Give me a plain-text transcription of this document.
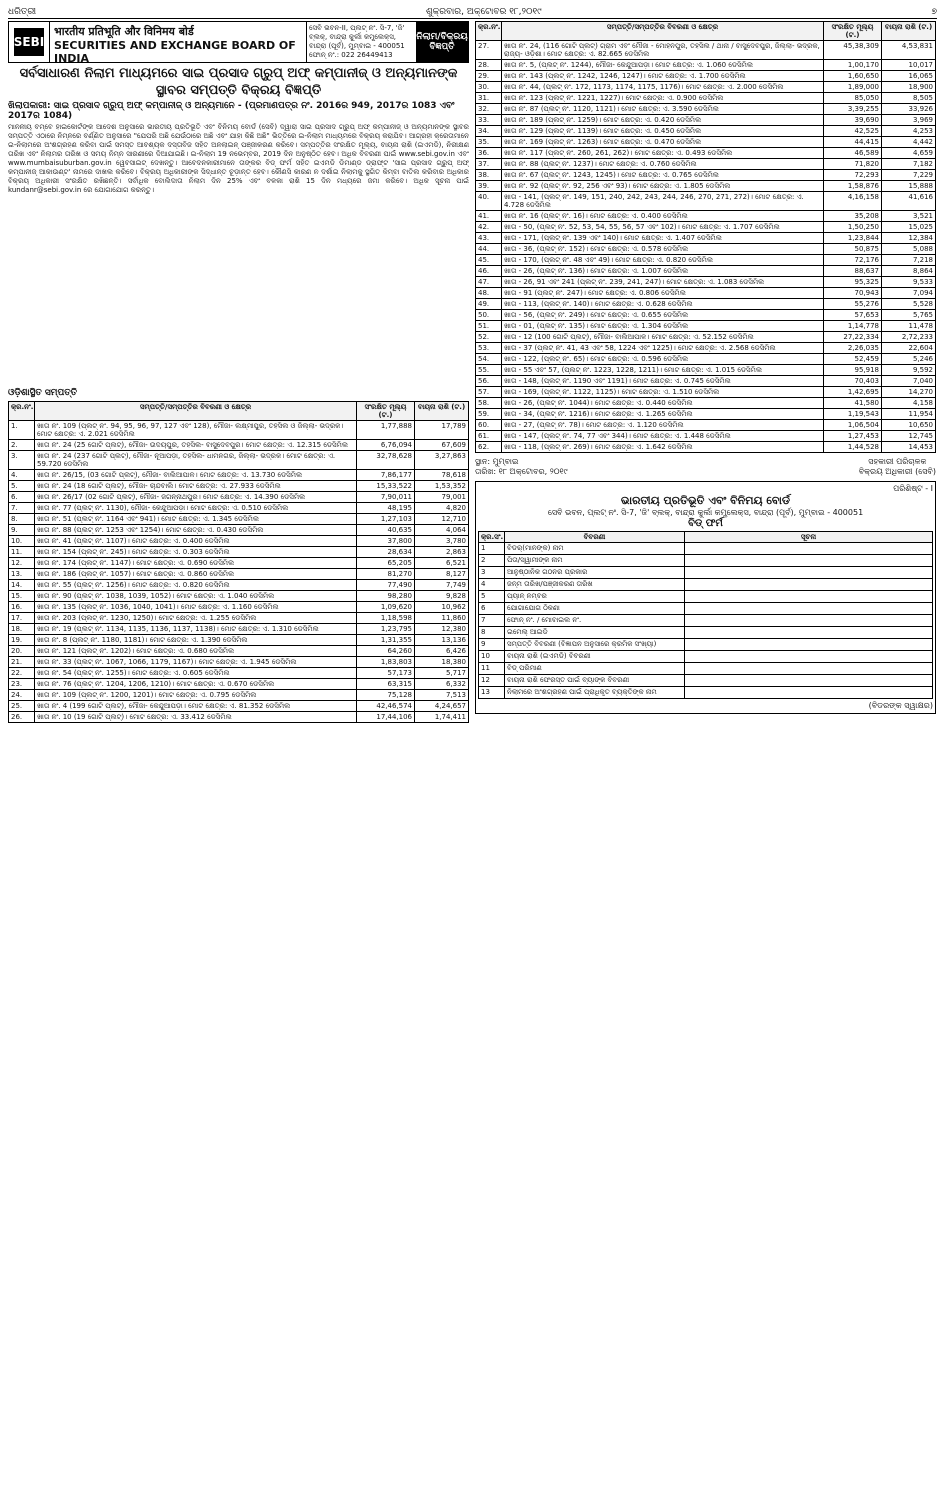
ଧରିତ୍ରୀ	ଶୁକ୍ରବାର, ଅକ୍ଟୋବର ୧୮,୨୦୧୯	୭
SEBI
भारतीय प्रतिभूति और विनिमय बोर्ड
SECURITIES AND EXCHANGE BOARD OF INDIA
ସେବି ଭବନ-II, ପ୍ଲଟ୍ ନଂ. ସି-7, 'ଜି' ବ୍ଲକ୍, ବାନ୍ଦ୍ରା କୁର୍ଲା କମ୍ପ୍ଲେକ୍ସ, ବାନ୍ଦ୍ରା (ପୂର୍ବ), ମୁମ୍ବାଇ - 400051 ଫୋନ୍ ନଂ.: 022 26449413
ନିଲାମ/ବିକ୍ରୟ ବିଜ୍ଞପ୍ତି
ସର୍ବସାଧାରଣ ନିଲାମ ମାଧ୍ୟମରେ ସାଇ ପ୍ରସାଦ ଗ୍ରୁପ୍ ଅଫ୍ କମ୍ପାନୀଜ୍ ଓ ଅନ୍ୟମାନଙ୍କ
ସ୍ଥାବର ସମ୍ପତ୍ତି ବିକ୍ରୟ ବିଜ୍ଞପ୍ତି
ଖିଲାପକାରୀ: ସାଇ ପ୍ରସାଦ ଗ୍ରୁପ୍ ଅଫ୍ କମ୍ପାନୀଜ୍ ଓ ଅନ୍ୟମାନେ - (ପ୍ରମାଣପତ୍ର ନଂ. 2016ର 949, 2017ର 1083 ଏବଂ 2017ର 1084)
ମାନନୀୟ ବମ୍ବେ ହାଇକୋର୍ଟଙ୍କ ଆଦେଶ ଅନୁସାରେ ଭାରତୀୟ ପ୍ରତିଭୂତି ଏବଂ ବିନିମୟ ବୋର୍ଡ (ସେବି) ଦ୍ୱାରା ସାଇ ପ୍ରସାଦ ଗ୍ରୁପ୍ ଅଫ୍ କମ୍ପାନୀଜ୍ ଓ ଅନ୍ୟମାନଙ୍କ ସ୍ଥାବର ସମ୍ପତ୍ତି ଏଠାରେ ନିମ୍ନରେ ବର୍ଣ୍ଣିତ ଅନୁସାରେ "ଯେପରି ଅଛି ଯେଉଁଠାରେ ଅଛି ଏବଂ ଯାହା କିଛି ଅଛି" ଭିତ୍ତିରେ ଇ-ନିଲାମ ମାଧ୍ୟମରେ ବିକ୍ରୟ କରାଯିବ। ଆଗ୍ରହୀ କ୍ରେତାମାନେ ଇ-ନିଲାମରେ ଅଂଶଗ୍ରହଣ କରିବା ପାଇଁ ସମସ୍ତ ଆବଶ୍ୟକ ଦସ୍ତାବିଜ ସହିତ ଅନଲାଇନ୍ ପଞ୍ଜୀକରଣ କରିବେ। ସମ୍ପତ୍ତିର ସଂରକ୍ଷିତ ମୂଲ୍ୟ, ବାୟନା ରାଶି (ଇଏମଡି), ନିରୀକ୍ଷଣ ତାରିଖ ଏବଂ ନିଲାମର ତାରିଖ ଓ ସମୟ ନିମ୍ନ ସାରଣୀରେ ଦିଆଯାଇଛି। ଇ-ନିଲାମ 19 ନଭେମ୍ବର, 2019 ଦିନ ଅନୁଷ୍ଠିତ ହେବ। ଅଧିକ ବିବରଣୀ ପାଇଁ www.sebi.gov.in ଏବଂ www.mumbaisuburban.gov.in ୱେବସାଇଟ୍ ଦେଖନ୍ତୁ। ଆବେଦନକାରୀମାନେ ତାଙ୍କର ବିଡ୍ ଫର୍ମ ସହିତ ଇଏମଡି ଡିମାଣ୍ଡ ଡ୍ରାଫ୍ଟ 'ସାଇ ପ୍ରସାଦ ଗ୍ରୁପ୍ ଅଫ୍ କମ୍ପାନୀଜ୍ ଆକାଉଣ୍ଟ' ନାମରେ ଦାଖଲ କରିବେ। ବିକ୍ରୟ ଅଧିକାରୀଙ୍କ ସିଦ୍ଧାନ୍ତ ଚୂଡ଼ାନ୍ତ ହେବ। କୌଣସି କାରଣ ନ ଦର୍ଶାଇ ନିଲାମକୁ ସ୍ଥଗିତ କିମ୍ବା ବାତିଲ କରିବାର ଅଧିକାର ବିକ୍ରୟ ଅଧିକାରୀ ସଂରକ୍ଷିତ ରଖିଛନ୍ତି। ସର୍ବାଧିକ ବୋଲିଦାତା ନିଲାମ ଦିନ 25% ଏବଂ ବଳକା ରାଶି 15 ଦିନ ମଧ୍ୟରେ ଜମା କରିବେ। ଅଧିକ ସୂଚନା ପାଇଁ kundanr@sebi.gov.in ରେ ଯୋଗାଯୋଗ କରନ୍ତୁ।
ଓଡ଼ିଶାସ୍ଥିତ ସମ୍ପତ୍ତି
କ୍ର.ନଂ.	ସମ୍ପତ୍ତି/ସମ୍ପତ୍ତିର ବିବରଣୀ ଓ କ୍ଷେତ୍ର	ସଂରକ୍ଷିତ ମୂଲ୍ୟ (ଟ.)	ବାୟନା ରାଶି (ଟ.)
1.	ଖାତା ନଂ. 109 (ପ୍ଲଟ୍ ନଂ. 94, 95, 96, 97, 127 ଏବଂ 128), ମୌଜା- ଲକ୍ଷ୍ମୀପୁର, ତହସିଲ ଓ ଜିଲ୍ଲା- ଭଦ୍ରକ। ମୋଟ କ୍ଷେତ୍ର: ଏ. 2.021 ଡେସିମିଲ	1,77,888	17,789
2.	ଖାତା ନଂ. 24 (25 ଗୋଟି ପ୍ଲଟ୍), ମୌଜା- ଉଦୟପୁର, ତହସିଲ- ବାସୁଦେବପୁର। ମୋଟ କ୍ଷେତ୍ର: ଏ. 12.315 ଡେସିମିଲ	6,76,094	67,609
3.	ଖାତା ନଂ. 24 (237 ଗୋଟି ପ୍ଲଟ୍), ମୌଜା- ନୂଆପଡ଼ା, ତହସିଲ- ଧାମନଗର, ଜିଲ୍ଲା- ଭଦ୍ରକ। ମୋଟ କ୍ଷେତ୍ର: ଏ. 59.720 ଡେସିମିଲ	32,78,628	3,27,863
4.	ଖାତା ନଂ. 26/15, (03 ଗୋଟି ପ୍ଲଟ୍), ମୌଜା- ବାଲିଆପାଳ। ମୋଟ କ୍ଷେତ୍ର: ଏ. 13.730 ଡେସିମିଲ	7,86,177	78,618
5.	ଖାତା ନଂ. 24 (18 ଗୋଟି ପ୍ଲଟ୍), ମୌଜା- ଚାନ୍ଦବାଲି। ମୋଟ କ୍ଷେତ୍ର: ଏ. 27.933 ଡେସିମିଲ	15,33,522	1,53,352
6.	ଖାତା ନଂ. 26/17 (02 ଗୋଟି ପ୍ଲଟ୍), ମୌଜା- ଜଗନ୍ନାଥପୁର। ମୋଟ କ୍ଷେତ୍ର: ଏ. 14.390 ଡେସିମିଲ	7,90,011	79,001
7.	ଖାତା ନଂ. 77 (ପ୍ଲଟ୍ ନଂ. 1130), ମୌଜା- କେନ୍ଦୁଆପଡ଼ା। ମୋଟ କ୍ଷେତ୍ର: ଏ. 0.510 ଡେସିମିଲ	48,195	4,820
8.	ଖାତା ନଂ. 51 (ପ୍ଲଟ୍ ନଂ. 1164 ଏବଂ 941)। ମୋଟ କ୍ଷେତ୍ର: ଏ. 1.345 ଡେସିମିଲ	1,27,103	12,710
9.	ଖାତା ନଂ. 88 (ପ୍ଲଟ୍ ନଂ. 1253 ଏବଂ 1254)। ମୋଟ କ୍ଷେତ୍ର: ଏ. 0.430 ଡେସିମିଲ	40,635	4,064
10.	ଖାତା ନଂ. 41 (ପ୍ଲଟ୍ ନଂ. 1107)। ମୋଟ କ୍ଷେତ୍ର: ଏ. 0.400 ଡେସିମିଲ	37,800	3,780
11.	ଖାତା ନଂ. 154 (ପ୍ଲଟ୍ ନଂ. 245)। ମୋଟ କ୍ଷେତ୍ର: ଏ. 0.303 ଡେସିମିଲ	28,634	2,863
12.	ଖାତା ନଂ. 174 (ପ୍ଲଟ୍ ନଂ. 1147)। ମୋଟ କ୍ଷେତ୍ର: ଏ. 0.690 ଡେସିମିଲ	65,205	6,521
13.	ଖାତା ନଂ. 186 (ପ୍ଲଟ୍ ନଂ. 1057)। ମୋଟ କ୍ଷେତ୍ର: ଏ. 0.860 ଡେସିମିଲ	81,270	8,127
14.	ଖାତା ନଂ. 55 (ପ୍ଲଟ୍ ନଂ. 1256)। ମୋଟ କ୍ଷେତ୍ର: ଏ. 0.820 ଡେସିମିଲ	77,490	7,749
15.	ଖାତା ନଂ. 90 (ପ୍ଲଟ୍ ନଂ. 1038, 1039, 1052)। ମୋଟ କ୍ଷେତ୍ର: ଏ. 1.040 ଡେସିମିଲ	98,280	9,828
16.	ଖାତା ନଂ. 135 (ପ୍ଲଟ୍ ନଂ. 1036, 1040, 1041)। ମୋଟ କ୍ଷେତ୍ର: ଏ. 1.160 ଡେସିମିଲ	1,09,620	10,962
17.	ଖାତା ନଂ. 203 (ପ୍ଲଟ୍ ନଂ. 1230, 1250)। ମୋଟ କ୍ଷେତ୍ର: ଏ. 1.255 ଡେସିମିଲ	1,18,598	11,860
18.	ଖାତା ନଂ. 19 (ପ୍ଲଟ୍ ନଂ. 1134, 1135, 1136, 1137, 1138)। ମୋଟ କ୍ଷେତ୍ର: ଏ. 1.310 ଡେସିମିଲ	1,23,795	12,380
19.	ଖାତା ନଂ. 8 (ପ୍ଲଟ୍ ନଂ. 1180, 1181)। ମୋଟ କ୍ଷେତ୍ର: ଏ. 1.390 ଡେସିମିଲ	1,31,355	13,136
20.	ଖାତା ନଂ. 121 (ପ୍ଲଟ୍ ନଂ. 1202)। ମୋଟ କ୍ଷେତ୍ର: ଏ. 0.680 ଡେସିମିଲ	64,260	6,426
21.	ଖାତା ନଂ. 33 (ପ୍ଲଟ୍ ନଂ. 1067, 1066, 1179, 1167)। ମୋଟ କ୍ଷେତ୍ର: ଏ. 1.945 ଡେସିମିଲ	1,83,803	18,380
22.	ଖାତା ନଂ. 54 (ପ୍ଲଟ୍ ନଂ. 1255)। ମୋଟ କ୍ଷେତ୍ର: ଏ. 0.605 ଡେସିମିଲ	57,173	5,717
23.	ଖାତା ନଂ. 76 (ପ୍ଲଟ୍ ନଂ. 1204, 1206, 1210)। ମୋଟ କ୍ଷେତ୍ର: ଏ. 0.670 ଡେସିମିଲ	63,315	6,332
24.	ଖାତା ନଂ. 109 (ପ୍ଲଟ୍ ନଂ. 1200, 1201)। ମୋଟ କ୍ଷେତ୍ର: ଏ. 0.795 ଡେସିମିଲ	75,128	7,513
25.	ଖାତା ନଂ. 4 (199 ଗୋଟି ପ୍ଲଟ୍), ମୌଜା- କେନ୍ଦୁଆପଡ଼ା। ମୋଟ କ୍ଷେତ୍ର: ଏ. 81.352 ଡେସିମିଲ	42,46,574	4,24,657
26.	ଖାତା ନଂ. 10 (19 ଗୋଟି ପ୍ଲଟ୍)। ମୋଟ କ୍ଷେତ୍ର: ଏ. 33.412 ଡେସିମିଲ	17,44,106	1,74,411
କ୍ର.ନଂ.	ସମ୍ପତ୍ତି/ସମ୍ପତ୍ତିର ବିବରଣୀ ଓ କ୍ଷେତ୍ର	ସଂରକ୍ଷିତ ମୂଲ୍ୟ (ଟ.)	ବାୟନା ରାଶି (ଟ.)
27.	ଖାତା ନଂ. 24, (116 ଗୋଟି ପ୍ଲଟ୍) ଗ୍ରାମ ଏବଂ ମୌଜା - ମୋହନପୁର, ତହସିଲ / ଥାନା / ବାସୁଦେବପୁର, ଜିଲ୍ଲା- ଭଦ୍ରକ, ରାଜ୍ୟ- ଓଡ଼ିଶା। ମୋଟ କ୍ଷେତ୍ର: ଏ. 82.665 ଡେସିମିଲ	45,38,309	4,53,831
28.	ଖାତା ନଂ. 5, (ପ୍ଲଟ୍ ନଂ. 1244), ମୌଜା- କେନ୍ଦୁଆପଡ଼ା। ମୋଟ କ୍ଷେତ୍ର: ଏ. 1.060 ଡେସିମିଲ	1,00,170	10,017
29.	ଖାତା ନଂ. 143 (ପ୍ଲଟ୍ ନଂ. 1242, 1246, 1247)। ମୋଟ କ୍ଷେତ୍ର: ଏ. 1.700 ଡେସିମିଲ	1,60,650	16,065
30.	ଖାତା ନଂ. 44, (ପ୍ଲଟ୍ ନଂ. 172, 1173, 1174, 1175, 1176)। ମୋଟ କ୍ଷେତ୍ର: ଏ. 2.000 ଡେସିମିଲ	1,89,000	18,900
31.	ଖାତା ନଂ. 123 (ପ୍ଲଟ୍ ନଂ. 1221, 1227)। ମୋଟ କ୍ଷେତ୍ର: ଏ. 0.900 ଡେସିମିଲ	85,050	8,505
32.	ଖାତା ନଂ. 87 (ପ୍ଲଟ୍ ନଂ. 1120, 1121)। ମୋଟ କ୍ଷେତ୍ର: ଏ. 3.590 ଡେସିମିଲ	3,39,255	33,926
33.	ଖାତା ନଂ. 189 (ପ୍ଲଟ୍ ନଂ. 1259)। ମୋଟ କ୍ଷେତ୍ର: ଏ. 0.420 ଡେସିମିଲ	39,690	3,969
34.	ଖାତା ନଂ. 129 (ପ୍ଲଟ୍ ନଂ. 1139)। ମୋଟ କ୍ଷେତ୍ର: ଏ. 0.450 ଡେସିମିଲ	42,525	4,253
35.	ଖାତା ନଂ. 169 (ପ୍ଲଟ୍ ନଂ. 1263)। ମୋଟ କ୍ଷେତ୍ର: ଏ. 0.470 ଡେସିମିଲ	44,415	4,442
36.	ଖାତା ନଂ. 117 (ପ୍ଲଟ୍ ନଂ. 260, 261, 262)। ମୋଟ କ୍ଷେତ୍ର: ଏ. 0.493 ଡେସିମିଲ	46,589	4,659
37.	ଖାତା ନଂ. 88 (ପ୍ଲଟ୍ ନଂ. 1237)। ମୋଟ କ୍ଷେତ୍ର: ଏ. 0.760 ଡେସିମିଲ	71,820	7,182
38.	ଖାତା ନଂ. 67 (ପ୍ଲଟ୍ ନଂ. 1243, 1245)। ମୋଟ କ୍ଷେତ୍ର: ଏ. 0.765 ଡେସିମିଲ	72,293	7,229
39.	ଖାତା ନଂ. 92 (ପ୍ଲଟ୍ ନଂ. 92, 256 ଏବଂ 93)। ମୋଟ କ୍ଷେତ୍ର: ଏ. 1.805 ଡେସିମିଲ	1,58,876	15,888
40.	ଖାତା - 141, (ପ୍ଲଟ୍ ନଂ. 149, 151, 240, 242, 243, 244, 246, 270, 271, 272)। ମୋଟ କ୍ଷେତ୍ର: ଏ. 4.728 ଡେସିମିଲ	4,16,158	41,616
41.	ଖାତା ନଂ. 16 (ପ୍ଲଟ୍ ନଂ. 16)। ମୋଟ କ୍ଷେତ୍ର: ଏ. 0.400 ଡେସିମିଲ	35,208	3,521
42.	ଖାତା - 50, (ପ୍ଲଟ୍ ନଂ. 52, 53, 54, 55, 56, 57 ଏବଂ 102)। ମୋଟ କ୍ଷେତ୍ର: ଏ. 1.707 ଡେସିମିଲ	1,50,250	15,025
43.	ଖାତା - 171, (ପ୍ଲଟ୍ ନଂ. 139 ଏବଂ 140)। ମୋଟ କ୍ଷେତ୍ର: ଏ. 1.407 ଡେସିମିଲ	1,23,844	12,384
44.	ଖାତା - 36, (ପ୍ଲଟ୍ ନଂ. 152)। ମୋଟ କ୍ଷେତ୍ର: ଏ. 0.578 ଡେସିମିଲ	50,875	5,088
45.	ଖାତା - 170, (ପ୍ଲଟ୍ ନଂ. 48 ଏବଂ 49)। ମୋଟ କ୍ଷେତ୍ର: ଏ. 0.820 ଡେସିମିଲ	72,176	7,218
46.	ଖାତା - 26, (ପ୍ଲଟ୍ ନଂ. 136)। ମୋଟ କ୍ଷେତ୍ର: ଏ. 1.007 ଡେସିମିଲ	88,637	8,864
47.	ଖାତା - 26, 91 ଏବଂ 241 (ପ୍ଲଟ୍ ନଂ. 239, 241, 247)। ମୋଟ କ୍ଷେତ୍ର: ଏ. 1.083 ଡେସିମିଲ	95,325	9,533
48.	ଖାତା - 91 (ପ୍ଲଟ୍ ନଂ. 247)। ମୋଟ କ୍ଷେତ୍ର: ଏ. 0.806 ଡେସିମିଲ	70,943	7,094
49.	ଖାତା - 113, (ପ୍ଲଟ୍ ନଂ. 140)। ମୋଟ କ୍ଷେତ୍ର: ଏ. 0.628 ଡେସିମିଲ	55,276	5,528
50.	ଖାତା - 56, (ପ୍ଲଟ୍ ନଂ. 249)। ମୋଟ କ୍ଷେତ୍ର: ଏ. 0.655 ଡେସିମିଲ	57,653	5,765
51.	ଖାତା - 01, (ପ୍ଲଟ୍ ନଂ. 135)। ମୋଟ କ୍ଷେତ୍ର: ଏ. 1.304 ଡେସିମିଲ	1,14,778	11,478
52.	ଖାତା - 12 (100 ଗୋଟି ପ୍ଲଟ୍), ମୌଜା- ବାଲିଆପାଳ। ମୋଟ କ୍ଷେତ୍ର: ଏ. 52.152 ଡେସିମିଲ	27,22,334	2,72,233
53.	ଖାତା - 37 (ପ୍ଲଟ୍ ନଂ. 41, 43 ଏବଂ 58, 1224 ଏବଂ 1225)। ମୋଟ କ୍ଷେତ୍ର: ଏ. 2.568 ଡେସିମିଲ	2,26,035	22,604
54.	ଖାତା - 122, (ପ୍ଲଟ୍ ନଂ. 65)। ମୋଟ କ୍ଷେତ୍ର: ଏ. 0.596 ଡେସିମିଲ	52,459	5,246
55.	ଖାତା - 55 ଏବଂ 57, (ପ୍ଲଟ୍ ନଂ. 1223, 1228, 1211)। ମୋଟ କ୍ଷେତ୍ର: ଏ. 1.015 ଡେସିମିଲ	95,918	9,592
56.	ଖାତା - 148, (ପ୍ଲଟ୍ ନଂ. 1190 ଏବଂ 1191)। ମୋଟ କ୍ଷେତ୍ର: ଏ. 0.745 ଡେସିମିଲ	70,403	7,040
57.	ଖାତା - 169, (ପ୍ଲଟ୍ ନଂ. 1122, 1125)। ମୋଟ କ୍ଷେତ୍ର: ଏ. 1.510 ଡେସିମିଲ	1,42,695	14,270
58.	ଖାତା - 26, (ପ୍ଲଟ୍ ନଂ. 1044)। ମୋଟ କ୍ଷେତ୍ର: ଏ. 0.440 ଡେସିମିଲ	41,580	4,158
59.	ଖାତା - 34, (ପ୍ଲଟ୍ ନଂ. 1216)। ମୋଟ କ୍ଷେତ୍ର: ଏ. 1.265 ଡେସିମିଲ	1,19,543	11,954
60.	ଖାତା - 27, (ପ୍ଲଟ୍ ନଂ. 78)। ମୋଟ କ୍ଷେତ୍ର: ଏ. 1.120 ଡେସିମିଲ	1,06,504	10,650
61.	ଖାତା - 147, (ପ୍ଲଟ୍ ନଂ. 74, 77 ଏବଂ 344)। ମୋଟ କ୍ଷେତ୍ର: ଏ. 1.448 ଡେସିମିଲ	1,27,453	12,745
62.	ଖାତା - 118, (ପ୍ଲଟ୍ ନଂ. 269)। ମୋଟ କ୍ଷେତ୍ର: ଏ. 1.642 ଡେସିମିଲ	1,44,528	14,453
ସ୍ଥାନ: ମୁମ୍ବାଇ
ତାରିଖ: ୧୮ ଅକ୍ଟୋବର, ୨୦୧୯
ସହକାରୀ ପରିଚାଳକ
ବିକ୍ରୟ ଅଧିକାରୀ (ସେବି)
ପରିଶିଷ୍ଟ - I
ଭାରତୀୟ ପ୍ରତିଭୂତି ଏବଂ ବିନିମୟ ବୋର୍ଡ
ସେବି ଭବନ, ପ୍ଲଟ୍ ନଂ. ସି-7, 'ଜି' ବ୍ଲକ୍, ବାନ୍ଦ୍ରା କୁର୍ଲା କମ୍ପ୍ଲେକ୍ସ, ବାନ୍ଦ୍ରା (ପୂର୍ବ), ମୁମ୍ବାଇ - 400051
ବିଡ୍ ଫର୍ମ
କ୍ର.ସଂ.	ବିବରଣୀ	ସୂଚନା
1	ବିଡର୍(ମାନଙ୍କ) ନାମ	
2	ପିତା/ସ୍ୱାମୀଙ୍କ ନାମ	
3	ଆନୁଷ୍ଠାନିକ ଗଠନର ପ୍ରକାର	
4	ଜନ୍ମ ତାରିଖ/ପଞ୍ଜୀକରଣ ତାରିଖ	
5	ପ୍ୟାନ୍ ନମ୍ବର	
6	ଯୋଗାଯୋଗ ଠିକଣା	
7	ଫୋନ୍ ନଂ. / ମୋବାଇଲ ନଂ.	
8	ଇମେଲ୍ ଆଇଡି	
9	ସମ୍ପତ୍ତି ବିବରଣୀ (ବିଜ୍ଞାପନ ଅନୁସାରେ କ୍ରମିକ ସଂଖ୍ୟା)	
10	ବାୟନା ରାଶି (ଇଏମଡି) ବିବରଣୀ	
11	ବିଡ୍ ପରିମାଣ	
12	ବାୟନା ରାଶି ଫେରସ୍ତ ପାଇଁ ବ୍ୟାଙ୍କ ବିବରଣୀ	
13	ନିଲାମରେ ଅଂଶଗ୍ରହଣ ପାଇଁ ପ୍ରାଧିକୃତ ବ୍ୟକ୍ତିଙ୍କ ନାମ	
(ବିଡରଙ୍କ ସ୍ୱାକ୍ଷର)
